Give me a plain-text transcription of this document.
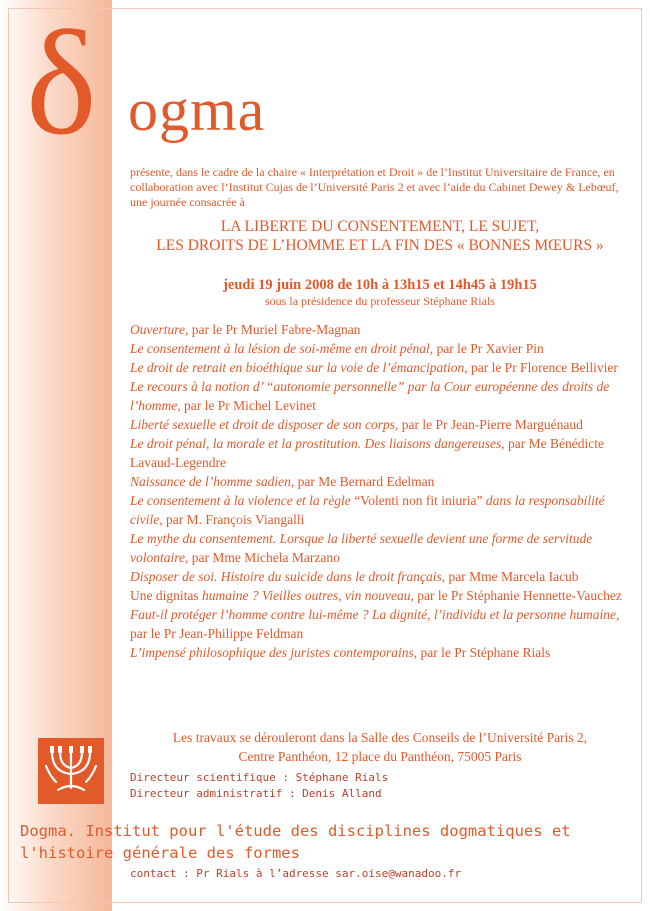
δ ogma
présente, dans le cadre de la chaire « Interprétation et Droit » de l’Institut Universitaire de France, en collaboration avec l’Institut Cujas de l’Université Paris 2 et avec l’aide du Cabinet Dewey & Lebœuf, une journée consacrée à
LA LIBERTE DU CONSENTEMENT, LE SUJET,
LES DROITS DE L’HOMME ET LA FIN DES « BONNES MŒURS »
jeudi 19 juin 2008 de 10h à 13h15 et 14h45 à 19h15
sous la présidence du professeur Stéphane Rials
Ouverture, par le Pr Muriel Fabre-Magnan
Le consentement à la lésion de soi-même en droit pénal, par le Pr Xavier Pin
Le droit de retrait en bioéthique sur la voie de l’émancipation, par le Pr Florence Bellivier
Le recours à la notion d’ “autonomie personnelle” par la Cour européenne des droits de l’homme, par le Pr Michel Levinet
Liberté sexuelle et droit de disposer de son corps, par le Pr Jean-Pierre Marguénaud
Le droit pénal, la morale et la prostitution. Des liaisons dangereuses, par Me Bénédicte Lavaud-Legendre
Naissance de l’homme sadien, par Me Bernard Edelman
Le consentement à la violence et la règle “Volenti non fit iniuria” dans la responsabilité civile, par M. François Viangalli
Le mythe du consentement. Lorsque la liberté sexuelle devient une forme de servitude volontaire, par Mme Michela Marzano
Disposer de soi. Histoire du suicide dans le droit français, par Mme Marcela Iacub
Une dignitas humaine ? Vieilles outres, vin nouveau, par le Pr Stéphanie Hennette-Vauchez
Faut-il protéger l’homme contre lui-même ? La dignité, l’individu et la personne humaine, par le Pr Jean-Philippe Feldman
L’impensé philosophique des juristes contemporains, par le Pr Stéphane Rials
Les travaux se dérouleront dans la Salle des Conseils de l’Université Paris 2,
Centre Panthéon, 12 place du Panthéon, 75005 Paris
Directeur scientifique : Stéphane Rials
Directeur administratif : Denis Alland
Dogma. Institut pour l'étude des disciplines dogmatiques et l'histoire générale des formes
contact : Pr Rials à l’adresse sar.oise@wanadoo.fr
